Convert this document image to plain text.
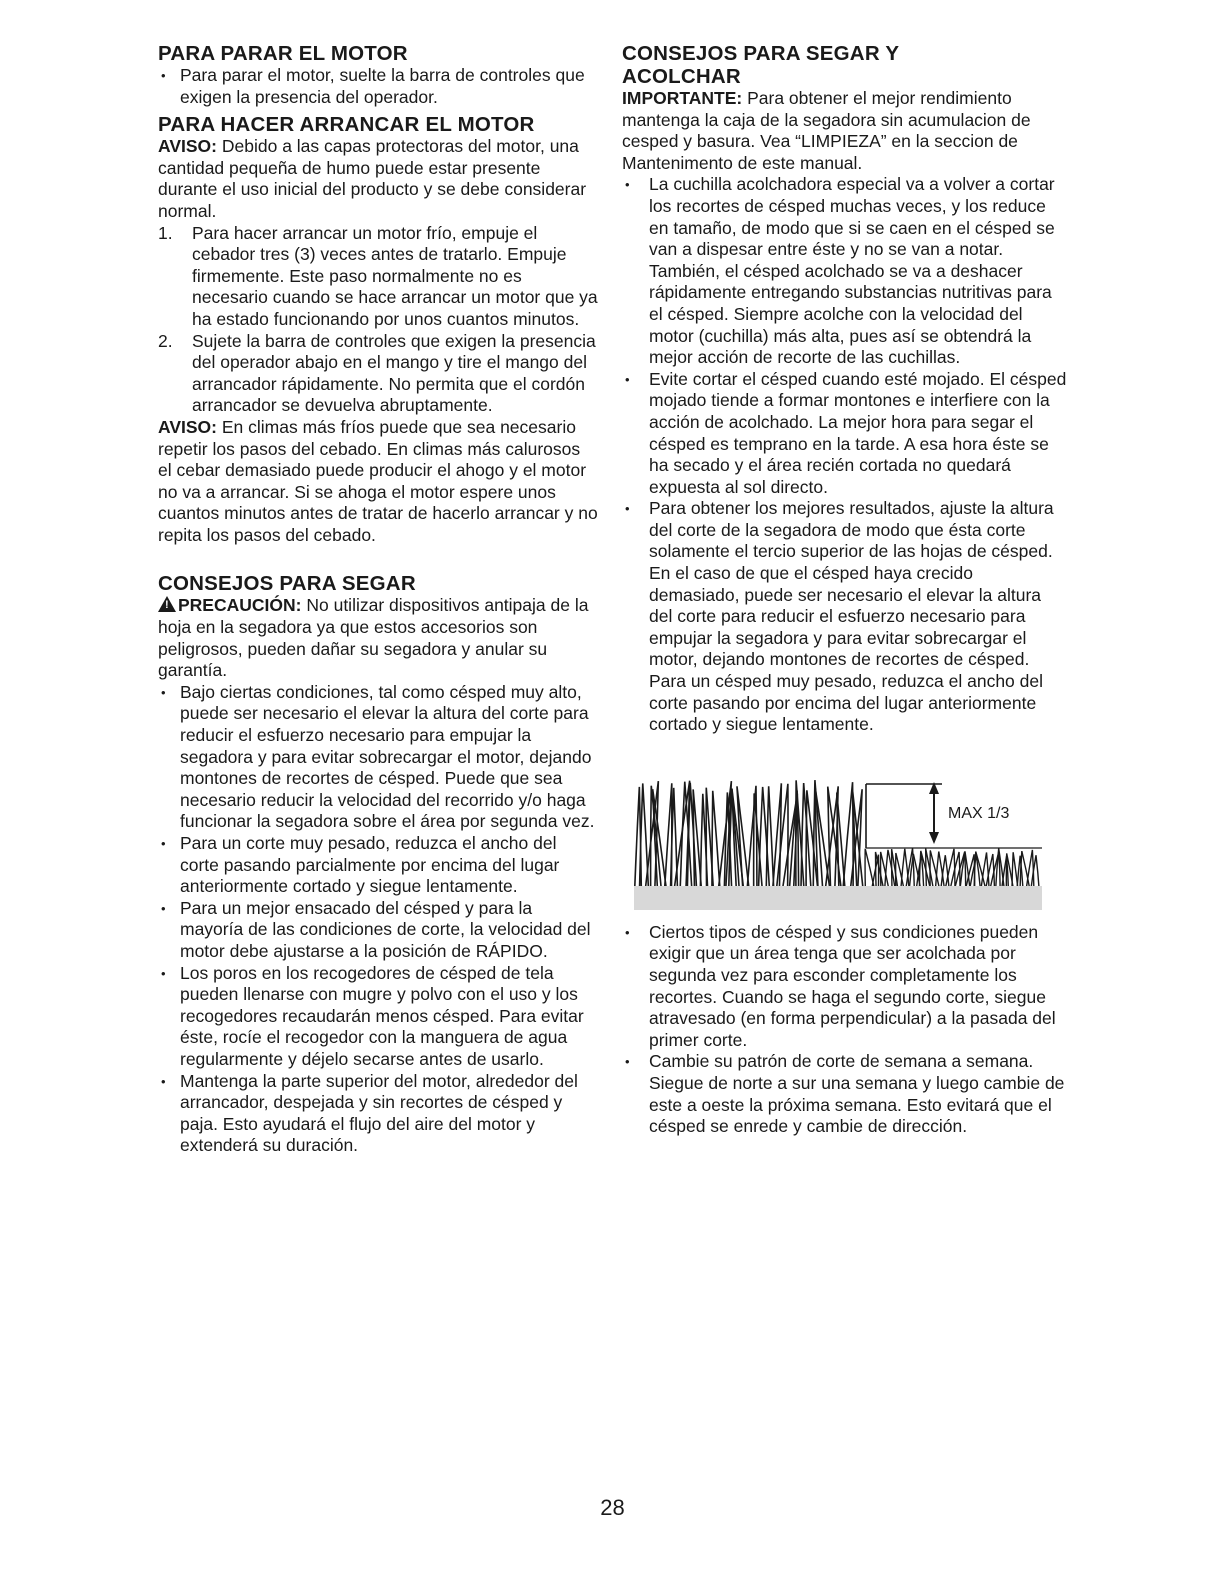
PARA PARAR EL MOTOR
• Para parar el motor, suelte la barra de controles que exigen la presencia del operador.
PARA HACER ARRANCAR EL MOTOR

AVISO: Debido a las capas protectoras del motor, una cantidad pequeña de humo puede estar presente durante el uso inicial del producto y se debe considerar normal.

1. Para hacer arrancar un motor frío, empuje el cebador tres (3) veces antes de tratarlo. Empuje firmemente. Este paso normalmente no es necesario cuando se hace arrancar un motor que ya ha estado funcionando por unos cuantos minutos.
2. Sujete la barra de controles que exigen la presencia del operador abajo en el mango y tire el mango del arrancador rápidamente. No permita que el cordón arrancador se devuelva abruptamente.

AVISO: En climas más fríos puede que sea necesario repetir los pasos del cebado. En climas más calurosos el cebar demasiado puede producir el ahogo y el motor no va a arrancar. Si se ahoga el motor espere unos cuantos minutos antes de tratar de hacerlo arrancar y no repita los pasos del cebado.

CONSEJOS PARA SEGAR

!PRECAUCIÓN: No utilizar dispositivos antipaja de la hoja en la segadora ya que estos accesorios son peligrosos, pueden dañar su segadora y anular su garantía.

• Bajo ciertas condiciones, tal como césped muy alto, puede ser necesario el elevar la altura del corte para reducir el esfuerzo necesario para empujar la segadora y para evitar sobrecargar el motor, dejando montones de recortes de césped. Puede que sea necesario reducir la velocidad del recorrido y/o haga funcionar la segadora sobre el área por segunda vez.
• Para un corte muy pesado, reduzca el ancho del corte pasando parcialmente por encima del lugar anteriormente cortado y siegue lentamente.
• Para un mejor ensacado del césped y para la mayoría de las condiciones de corte, la velocidad del motor debe ajustarse a la posición de RÁPIDO.
• Los poros en los recogedores de césped de tela pueden llenarse con mugre y polvo con el uso y los recogedores recaudarán menos césped. Para evitar éste, rocíe el recogedor con la manguera de agua regularmente y déjelo secarse antes de usarlo.
• Mantenga la parte superior del motor, alrededor del arrancador, despejada y sin recortes de césped y paja. Esto ayudará el flujo del aire del motor y extenderá su duración.
CONSEJOS PARA SEGAR Y ACOLCHAR

IMPORTANTE: Para obtener el mejor rendimiento mantenga la caja de la segadora sin acumulacion de cesped y basura. Vea “LIMPIEZA” en la seccion de Mantenimento de este manual.

• La cuchilla acolchadora especial va a volver a cortar los recortes de césped muchas veces, y los reduce en tamaño, de modo que si se caen en el césped se van a dispesar entre éste y no se van a notar. También, el césped acolchado se va a deshacer rápidamente entregando substancias nutritivas para el césped. Siempre acolche con la velocidad del motor (cuchilla) más alta, pues así se obtendrá la mejor acción de recorte de las cuchillas.
• Evite cortar el césped cuando esté mojado. El césped mojado tiende a formar montones e interfiere con la acción de acolchado. La mejor hora para segar el césped es temprano en la tarde. A esa hora éste se ha secado y el área recién cortada no quedará expuesta al sol directo.
• Para obtener los mejores resultados, ajuste la altura del corte de la segadora de modo que ésta corte solamente el tercio superior de las hojas de césped. En el caso de que el césped haya crecido demasiado, puede ser necesario el elevar la altura del corte para reducir el esfuerzo necesario para empujar la segadora y para evitar sobrecargar el motor, dejando montones de recortes de césped. Para un césped muy pesado, reduzca el ancho del corte pasando por encima del lugar anteriormente cortado y siegue lentamente.
MAX 1/3
• Ciertos tipos de césped y sus condiciones pueden exigir que un área tenga que ser acolchada por segunda vez para esconder completamente los recortes. Cuando se haga el segundo corte, siegue atravesado (en forma perpendicular) a la pasada del primer corte.
• Cambie su patrón de corte de semana a semana. Siegue de norte a sur una semana y luego cambie de este a oeste la próxima semana. Esto evitará que el césped se enrede y cambie de dirección.
28
